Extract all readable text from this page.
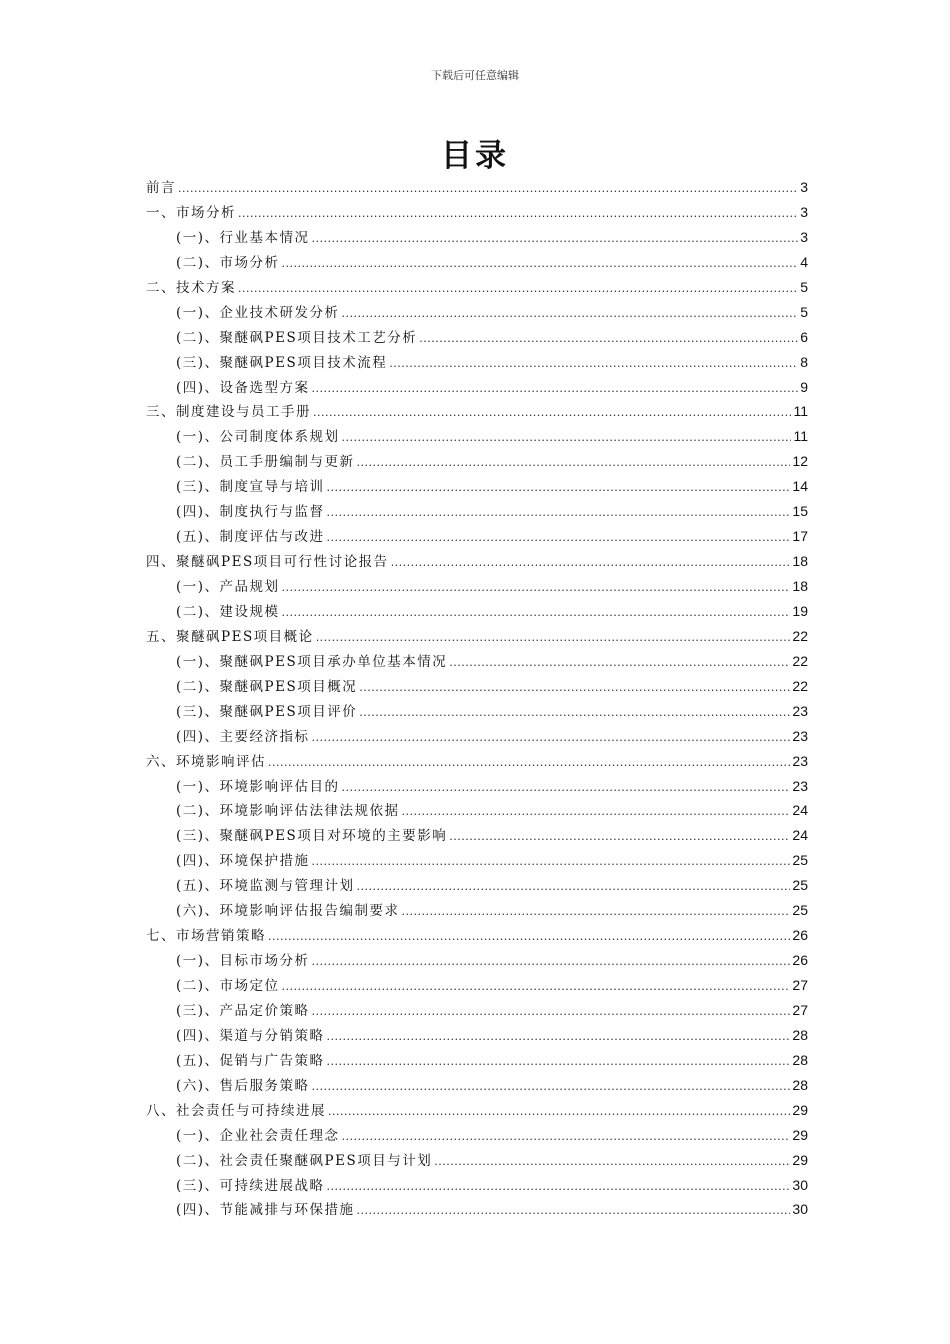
下载后可任意编辑
目录
前言 .....	3
一、市场分析 .....	3
(一)、行业基本情况 .....	3
(二)、市场分析 .....	4
二、技术方案 .....	5
(一)、企业技术研发分析 .....	5
(二)、聚醚砜PES项目技术工艺分析 .....	6
(三)、聚醚砜PES项目技术流程 .....	8
(四)、设备选型方案 .....	9
三、制度建设与员工手册 .....	11
(一)、公司制度体系规划 .....	11
(二)、员工手册编制与更新 .....	12
(三)、制度宣导与培训 .....	14
(四)、制度执行与监督 .....	15
(五)、制度评估与改进 .....	17
四、聚醚砜PES项目可行性讨论报告 .....	18
(一)、产品规划 .....	18
(二)、建设规模 .....	19
五、聚醚砜PES项目概论 .....	22
(一)、聚醚砜PES项目承办单位基本情况 .....	22
(二)、聚醚砜PES项目概况 .....	22
(三)、聚醚砜PES项目评价 .....	23
(四)、主要经济指标 .....	23
六、环境影响评估 .....	23
(一)、环境影响评估目的 .....	23
(二)、环境影响评估法律法规依据 .....	24
(三)、聚醚砜PES项目对环境的主要影响 .....	24
(四)、环境保护措施 .....	25
(五)、环境监测与管理计划 .....	25
(六)、环境影响评估报告编制要求 .....	25
七、市场营销策略 .....	26
(一)、目标市场分析 .....	26
(二)、市场定位 .....	27
(三)、产品定价策略 .....	27
(四)、渠道与分销策略 .....	28
(五)、促销与广告策略 .....	28
(六)、售后服务策略 .....	28
八、社会责任与可持续进展 .....	29
(一)、企业社会责任理念 .....	29
(二)、社会责任聚醚砜PES项目与计划 .....	29
(三)、可持续进展战略 .....	30
(四)、节能减排与环保措施 .....	30
